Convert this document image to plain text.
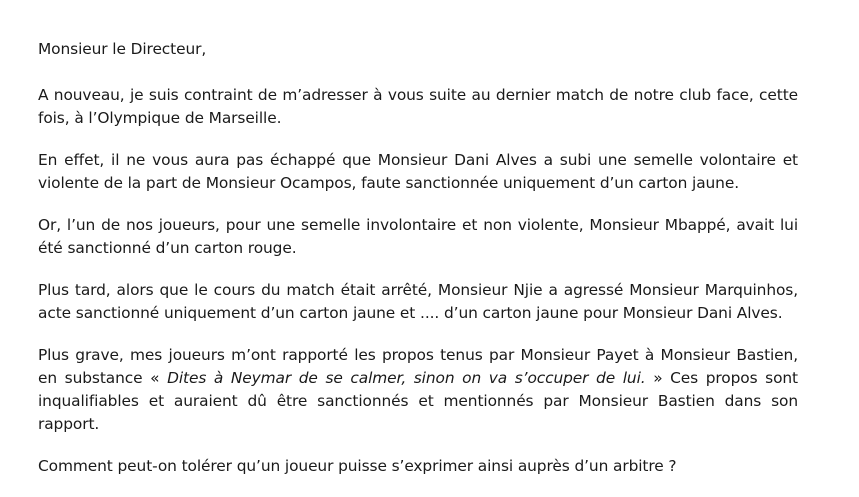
Monsieur le Directeur,

A nouveau, je suis contraint de m’adresser à vous suite au dernier match de notre club face, cette fois, à l’Olympique de Marseille.

En effet, il ne vous aura pas échappé que Monsieur Dani Alves a subi une semelle volontaire et violente de la part de Monsieur Ocampos, faute sanctionnée uniquement d’un carton jaune.

Or, l’un de nos joueurs, pour une semelle involontaire et non violente, Monsieur Mbappé, avait lui été sanctionné d’un carton rouge.

Plus tard, alors que le cours du match était arrêté, Monsieur Njie a agressé Monsieur Marquinhos, acte sanctionné uniquement d’un carton jaune et .... d’un carton jaune pour Monsieur Dani Alves.

Plus grave, mes joueurs m’ont rapporté les propos tenus par Monsieur Payet à Monsieur Bastien, en substance « Dites à Neymar de se calmer, sinon on va s’occuper de lui. » Ces propos sont inqualifiables et auraient dû être sanctionnés et mentionnés par Monsieur Bastien dans son rapport.

Comment peut-on tolérer qu’un joueur puisse s’exprimer ainsi auprès d’un arbitre ?
